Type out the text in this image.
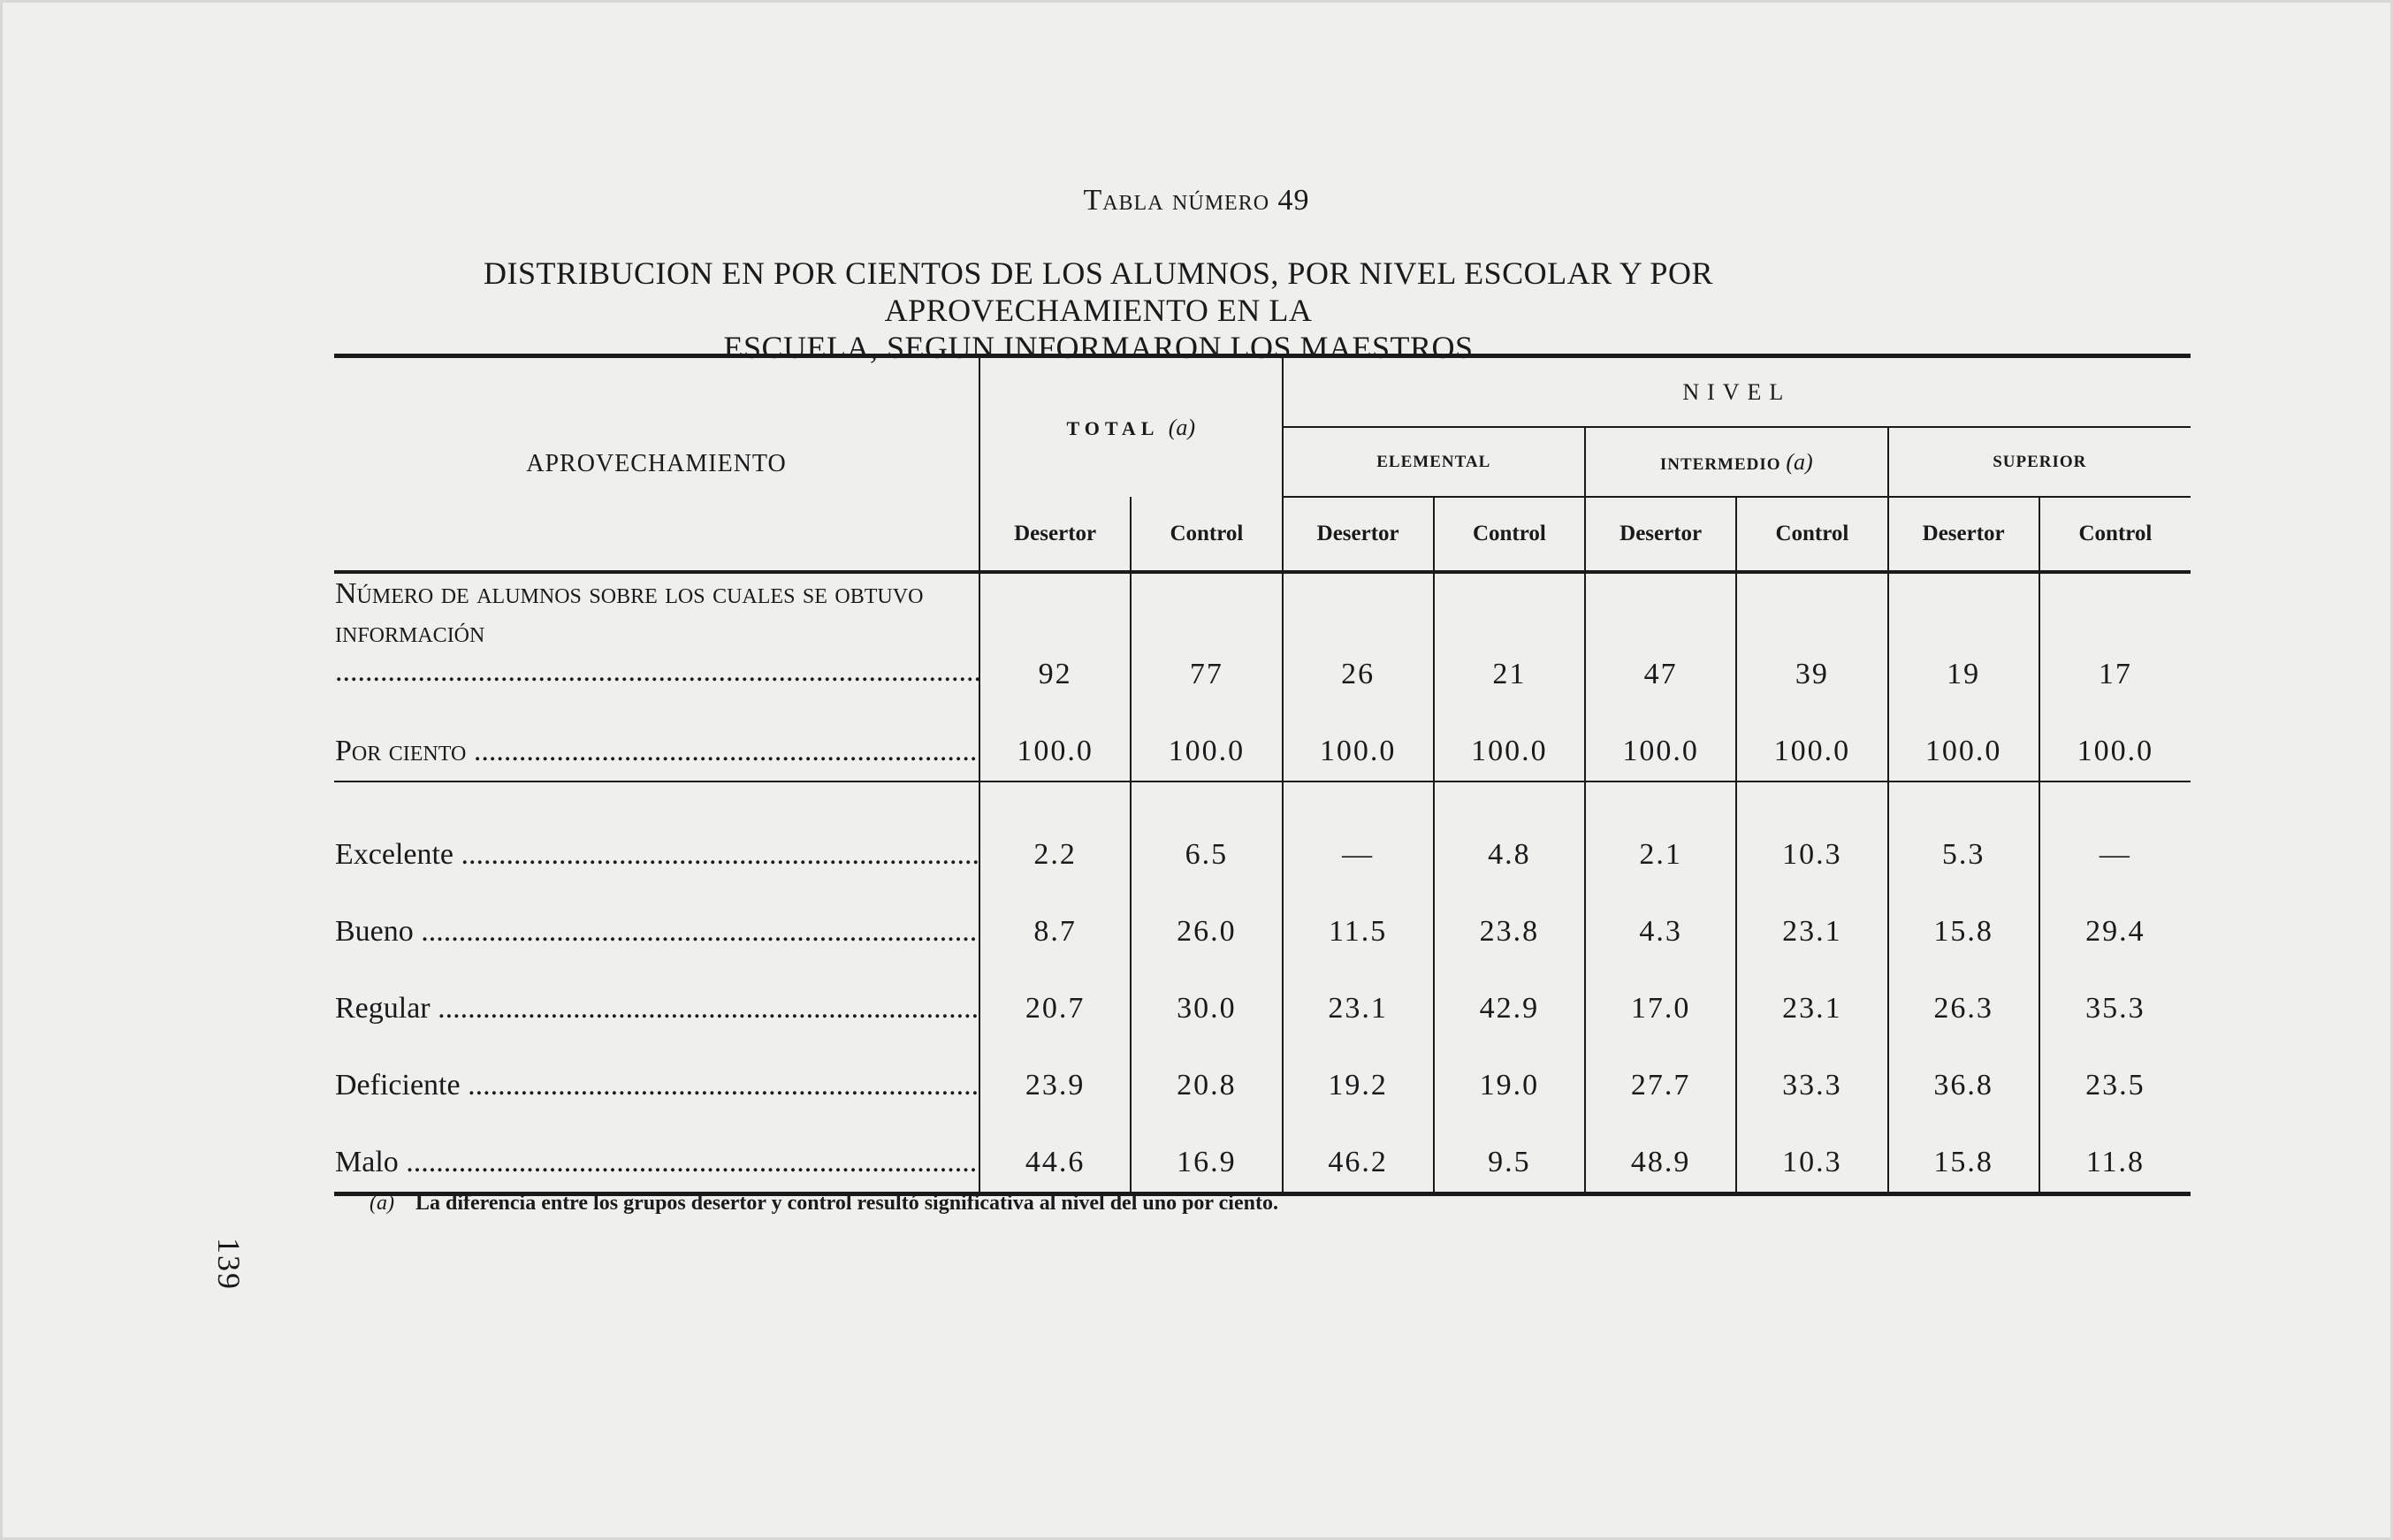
Tabla número 49
DISTRIBUCION EN POR CIENTOS DE LOS ALUMNOS, POR NIVEL ESCOLAR Y POR APROVECHAMIENTO EN LA
ESCUELA, SEGUN INFORMARON LOS MAESTROS
APROVECHAMIENTO	TOTAL (a)		NIVEL					
			ELEMENTAL		INTERMEDIO (a)		SUPERIOR	
	Desertor	Control	Desertor	Control	Desertor	Control	Desertor	Control
Número de alumnos sobre los cuales se obtuvo información .....	92	77	26	21	47	39	19	17
Por ciento .....	100.0	100.0	100.0	100.0	100.0	100.0	100.0	100.0
Excelente .....	2.2	6.5	—	4.8	2.1	10.3	5.3	—
Bueno .....	8.7	26.0	11.5	23.8	4.3	23.1	15.8	29.4
Regular .....	20.7	30.0	23.1	42.9	17.0	23.1	26.3	35.3
Deficiente .....	23.9	20.8	19.2	19.0	27.7	33.3	36.8	23.5
Malo .....	44.6	16.9	46.2	9.5	48.9	10.3	15.8	11.8
(a) La diferencia entre los grupos desertor y control resultó significativa al nivel del uno por ciento.
139
